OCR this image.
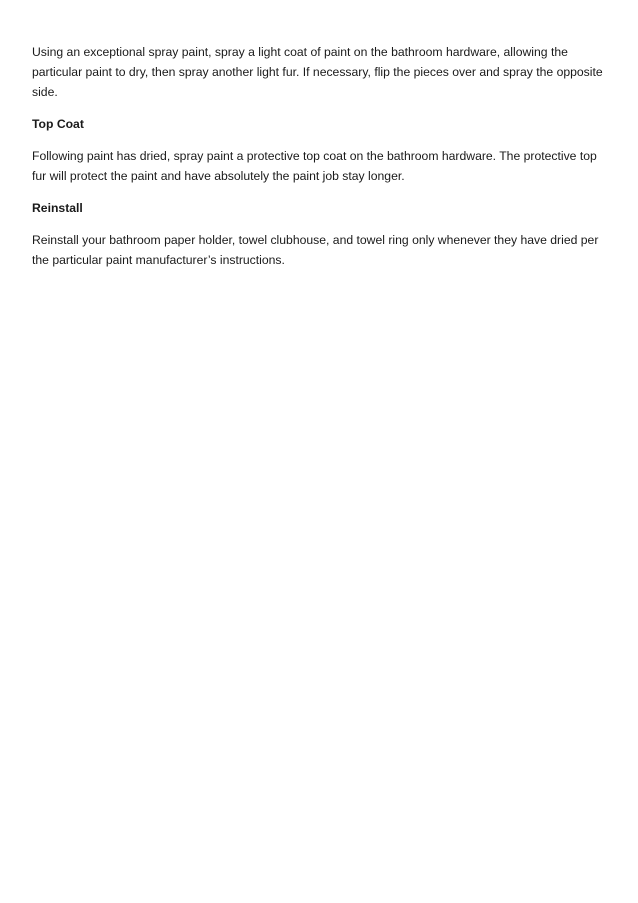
Using an exceptional spray paint, spray a light coat of paint on the bathroom hardware, allowing the particular paint to dry, then spray another light fur. If necessary, flip the pieces over and spray the opposite side.

Top Coat

Following paint has dried, spray paint a protective top coat on the bathroom hardware. The protective top fur will protect the paint and have absolutely the paint job stay longer.

Reinstall

Reinstall your bathroom paper holder, towel clubhouse, and towel ring only whenever they have dried per the particular paint manufacturer’s instructions.
